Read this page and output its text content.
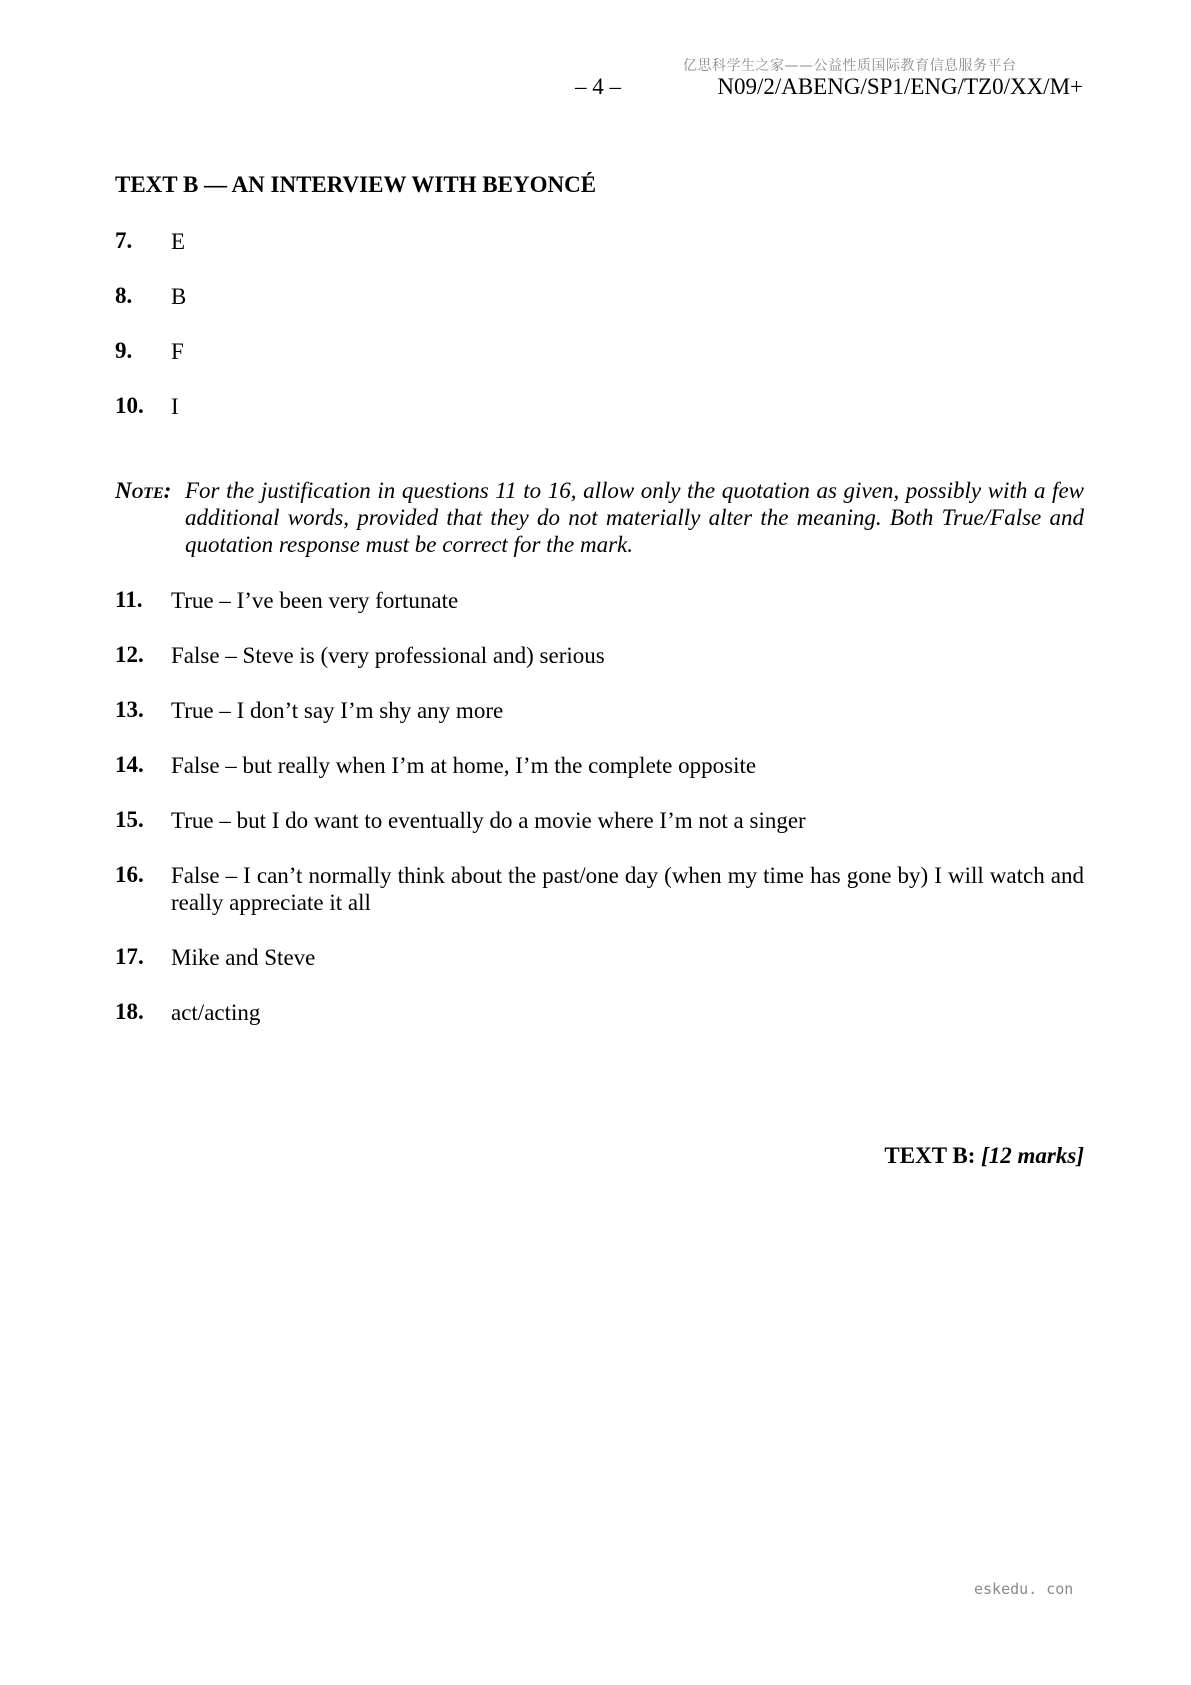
亿思科学生之家——公益性质国际教育信息服务平台
– 4 –	N09/2/ABENG/SP1/ENG/TZ0/XX/M+
TEXT B — AN INTERVIEW WITH BEYONCÉ
7. E
8. B
9. F
10. I
Note: For the justification in questions 11 to 16, allow only the quotation as given, possibly with a few additional words, provided that they do not materially alter the meaning. Both True/False and quotation response must be correct for the mark.
11. True – I’ve been very fortunate
12. False – Steve is (very professional and) serious
13. True – I don’t say I’m shy any more
14. False – but really when I’m at home, I’m the complete opposite
15. True – but I do want to eventually do a movie where I’m not a singer
16. False – I can’t normally think about the past/one day (when my time has gone by) I will watch and really appreciate it all
17. Mike and Steve
18. act/acting
TEXT B: [12 marks]
eskedu. con
